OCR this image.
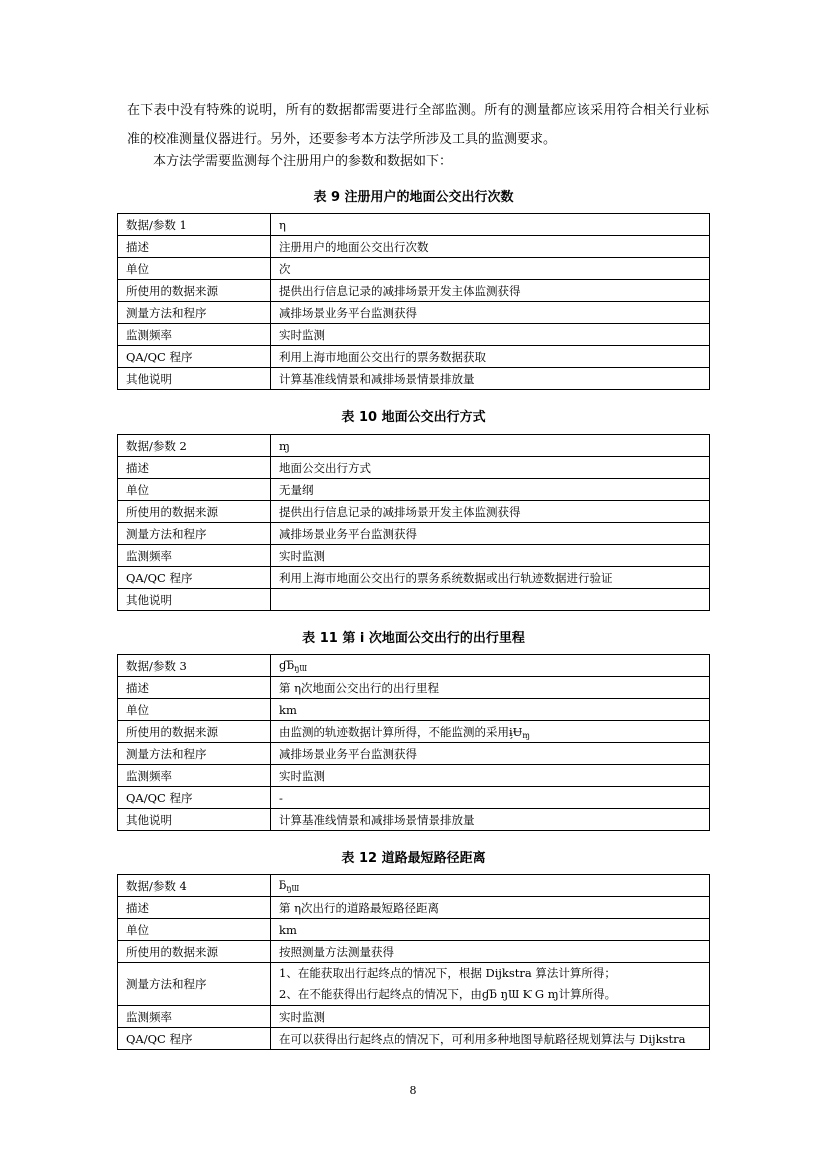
在下表中没有特殊的说明，所有的数据都需要进行全部监测。所有的测量都应该采用符合相关行业标准的校准测量仪器进行。另外，还要参考本方法学所涉及工具的监测要求。
本方法学需要监测每个注册用户的参数和数据如下：
表 9 注册用户的地面公交出行次数
数据/参数 1	η
描述	注册用户的地面公交出行次数
单位	次
所使用的数据来源	提供出行信息记录的减排场景开发主体监测获得
测量方法和程序	减排场景业务平台监测获得
监测频率	实时监测
QA/QC 程序	利用上海市地面公交出行的票务数据获取
其他说明	计算基准线情景和减排场景情景排放量
表 10 地面公交出行方式
数据/参数 2	ɱ
描述	地面公交出行方式
单位	无量纲
所使用的数据来源	提供出行信息记录的减排场景开发主体监测获得
测量方法和程序	减排场景业务平台监测获得
监测频率	实时监测
QA/QC 程序	利用上海市地面公交出行的票务系统数据或出行轨迹数据进行验证
其他说明	
表 11 第 i 次地面公交出行的出行里程
数据/参数 3	ɠƃ$_{ŋƜ}$
描述	第 η次地面公交出行的出行里程
单位	km
所使用的数据来源	由监测的轨迹数据计算所得，不能监测的采用$ɨ̗Ʉ_ɱ$
测量方法和程序	减排场景业务平台监测获得
监测频率	实时监测
QA/QC 程序	-
其他说明	计算基准线情景和减排场景情景排放量
表 12 道路最短路径距离
数据/参数 4	$ƃ_{ŋƜ}$
描述	第 η次出行的道路最短路径距离
单位	km
所使用的数据来源	按照测量方法测量获得
测量方法和程序	1、在能获取出行起终点的情况下，根据 Dijkstra 算法计算所得；
2、在不能获得出行起终点的情况下，由ɠƃ ŋƜ Ƙ G ɱ计算所得。

监测频率	实时监测
QA/QC 程序	在可以获得出行起终点的情况下，可利用多种地图导航路径规划算法与 Dijkstra
8
